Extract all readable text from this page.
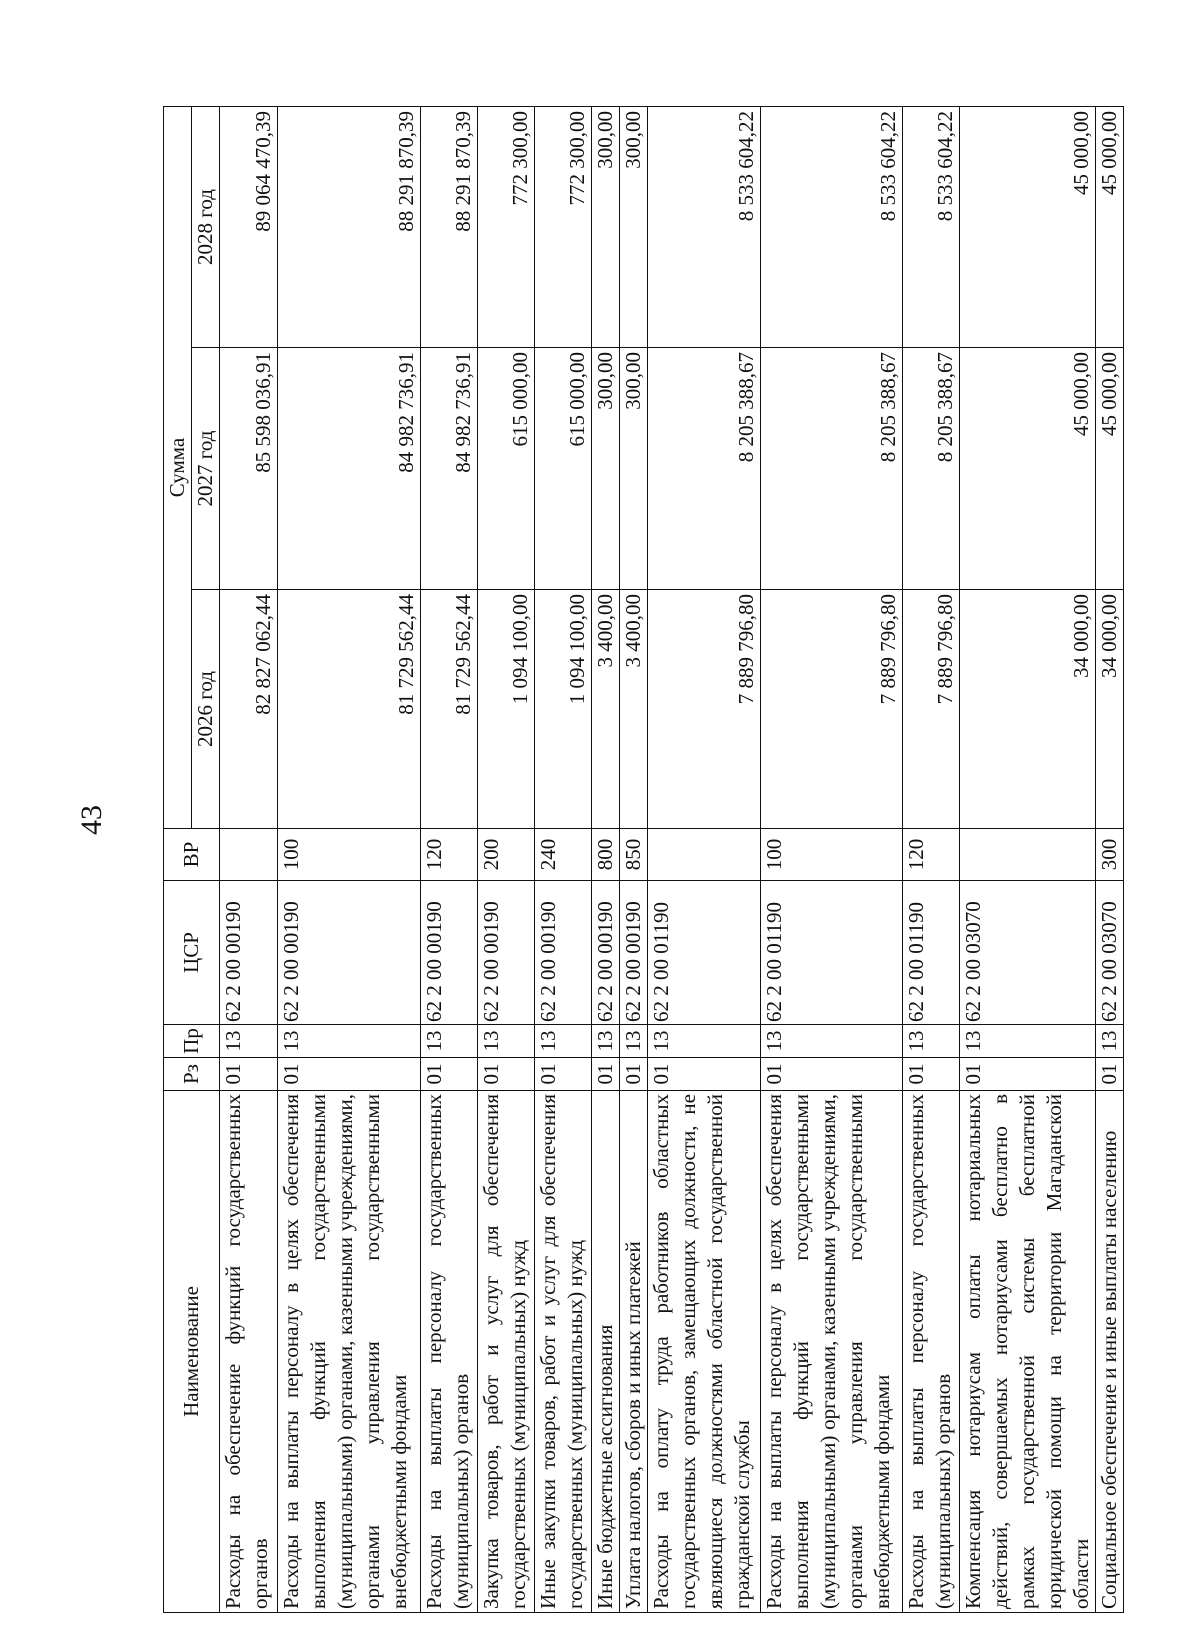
43
Наименование	Рз	Пр	ЦСР	ВР	Сумма		
					2026 год	2027 год	2028 год
Расходы на обеспечение функций государственных органов	01	13	62 2 00 00190		82 827 062,44	85 598 036,91	89 064 470,39
Расходы на выплаты персоналу в целях обеспечения выполнения функций государственными (муниципальными) органами, казенными учреждениями, органами управления государственными внебюджетными фондами	01	13	62 2 00 00190	100	81 729 562,44	84 982 736,91	88 291 870,39
Расходы на выплаты персоналу государственных (муниципальных) органов	01	13	62 2 00 00190	120	81 729 562,44	84 982 736,91	88 291 870,39
Закупка товаров, работ и услуг для обеспечения государственных (муниципальных) нужд	01	13	62 2 00 00190	200	1 094 100,00	615 000,00	772 300,00
Иные закупки товаров, работ и услуг для обеспечения государственных (муниципальных) нужд	01	13	62 2 00 00190	240	1 094 100,00	615 000,00	772 300,00
Иные бюджетные ассигнования	01	13	62 2 00 00190	800	3 400,00	300,00	300,00
Уплата налогов, сборов и иных платежей	01	13	62 2 00 00190	850	3 400,00	300,00	300,00
Расходы на оплату труда работников областных государственных органов, замещающих должности, не являющиеся должностями областной государственной гражданской службы	01	13	62 2 00 01190		7 889 796,80	8 205 388,67	8 533 604,22
Расходы на выплаты персоналу в целях обеспечения выполнения функций государственными (муниципальными) органами, казенными учреждениями, органами управления государственными внебюджетными фондами	01	13	62 2 00 01190	100	7 889 796,80	8 205 388,67	8 533 604,22
Расходы на выплаты персоналу государственных (муниципальных) органов	01	13	62 2 00 01190	120	7 889 796,80	8 205 388,67	8 533 604,22
Компенсация нотариусам оплаты нотариальных действий, совершаемых нотариусами бесплатно в рамках государственной системы бесплатной юридической помощи на территории Магаданской области	01	13	62 2 00 03070		34 000,00	45 000,00	45 000,00
Социальное обеспечение и иные выплаты населению	01	13	62 2 00 03070	300	34 000,00	45 000,00	45 000,00
